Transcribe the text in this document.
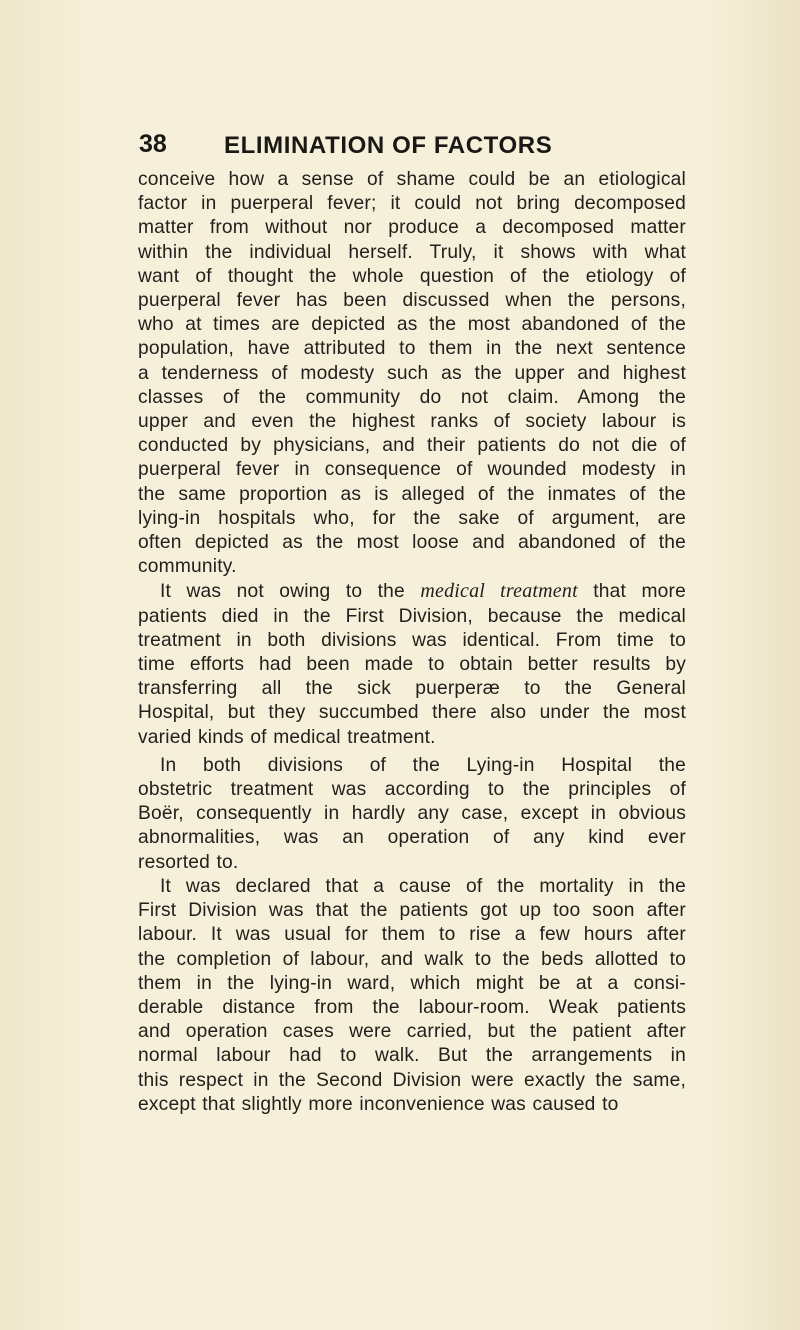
38 ELIMINATION OF FACTORS

conceive how a sense of shame could be an etiological
factor in puerperal fever; it could not bring decomposed
matter from without nor produce a decomposed matter
within the individual herself. Truly, it shows with what
want of thought the whole question of the etiology of
puerperal fever has been discussed when the persons,
who at times are depicted as the most abandoned of the
population, have attributed to them in the next sentence
a tenderness of modesty such as the upper and highest
classes of the community do not claim. Among the
upper and even the highest ranks of society labour is
conducted by physicians, and their patients do not die of
puerperal fever in consequence of wounded modesty in
the same proportion as is alleged of the inmates of the
lying-in hospitals who, for the sake of argument, are
often depicted as the most loose and abandoned of the
community.

It was not owing to the medical treatment that more
patients died in the First Division, because the medical
treatment in both divisions was identical. From time to
time efforts had been made to obtain better results by
transferring all the sick puerperæ to the General
Hospital, but they succumbed there also under the most
varied kinds of medical treatment.

In both divisions of the Lying-in Hospital the
obstetric treatment was according to the principles of
Boër, consequently in hardly any case, except in obvious
abnormalities, was an operation of any kind ever
resorted to.

It was declared that a cause of the mortality in the
First Division was that the patients got up too soon after
labour. It was usual for them to rise a few hours after
the completion of labour, and walk to the beds allotted to
them in the lying-in ward, which might be at a consi-
derable distance from the labour-room. Weak patients
and operation cases were carried, but the patient after
normal labour had to walk. But the arrangements in
this respect in the Second Division were exactly the same,
except that slightly more inconvenience was caused to
